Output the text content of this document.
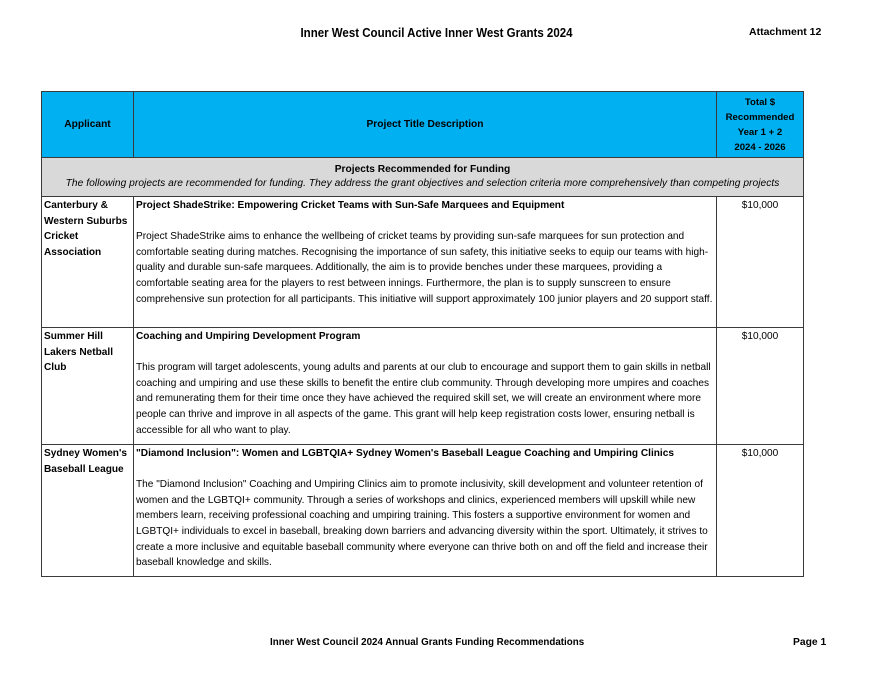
Inner West Council Active Inner West Grants 2024	Attachment 12
Applicant	Project Title Description	Total $
Recommended
Year 1 + 2
2024 - 2026

Projects Recommended for Funding
The following projects are recommended for funding. They address the grant objectives and selection criteria more comprehensively than competing projects		

Canterbury & Western Suburbs Cricket Association	Project ShadeStrike: Empowering Cricket Teams with Sun-Safe Marquees and Equipment
Project ShadeStrike aims to enhance the wellbeing of cricket teams by providing sun-safe marquees for sun protection and comfortable seating during matches. Recognising the importance of sun safety, this initiative seeks to equip our teams with high-quality and durable sun-safe marquees. Additionally, the aim is to provide benches under these marquees, providing a comfortable seating area for the players to rest between innings. Furthermore, the plan is to supply sunscreen to ensure comprehensive sun protection for all participants. This initiative will support approximately 100 junior players and 20 support staff.	$10,000
Summer Hill Lakers Netball Club	Coaching and Umpiring Development Program
This program will target adolescents, young adults and parents at our club to encourage and support them to gain skills in netball coaching and umpiring and use these skills to benefit the entire club community. Through developing more umpires and coaches and remunerating them for their time once they have achieved the required skill set, we will create an environment where more people can thrive and improve in all aspects of the game. This grant will help keep registration costs lower, ensuring netball is accessible for all who want to play.	$10,000
Sydney Women's Baseball League	"Diamond Inclusion": Women and LGBTQIA+ Sydney Women's Baseball League Coaching and Umpiring Clinics
The "Diamond Inclusion" Coaching and Umpiring Clinics aim to promote inclusivity, skill development and volunteer retention of women and the LGBTQI+ community. Through a series of workshops and clinics, experienced members will upskill while new members learn, receiving professional coaching and umpiring training. This fosters a supportive environment for women and LGBTQI+ individuals to excel in baseball, breaking down barriers and advancing diversity within the sport. Ultimately, it strives to create a more inclusive and equitable baseball community where everyone can thrive both on and off the field and increase their baseball knowledge and skills.	$10,000
Inner West Council 2024 Annual Grants Funding Recommendations	Page 1
